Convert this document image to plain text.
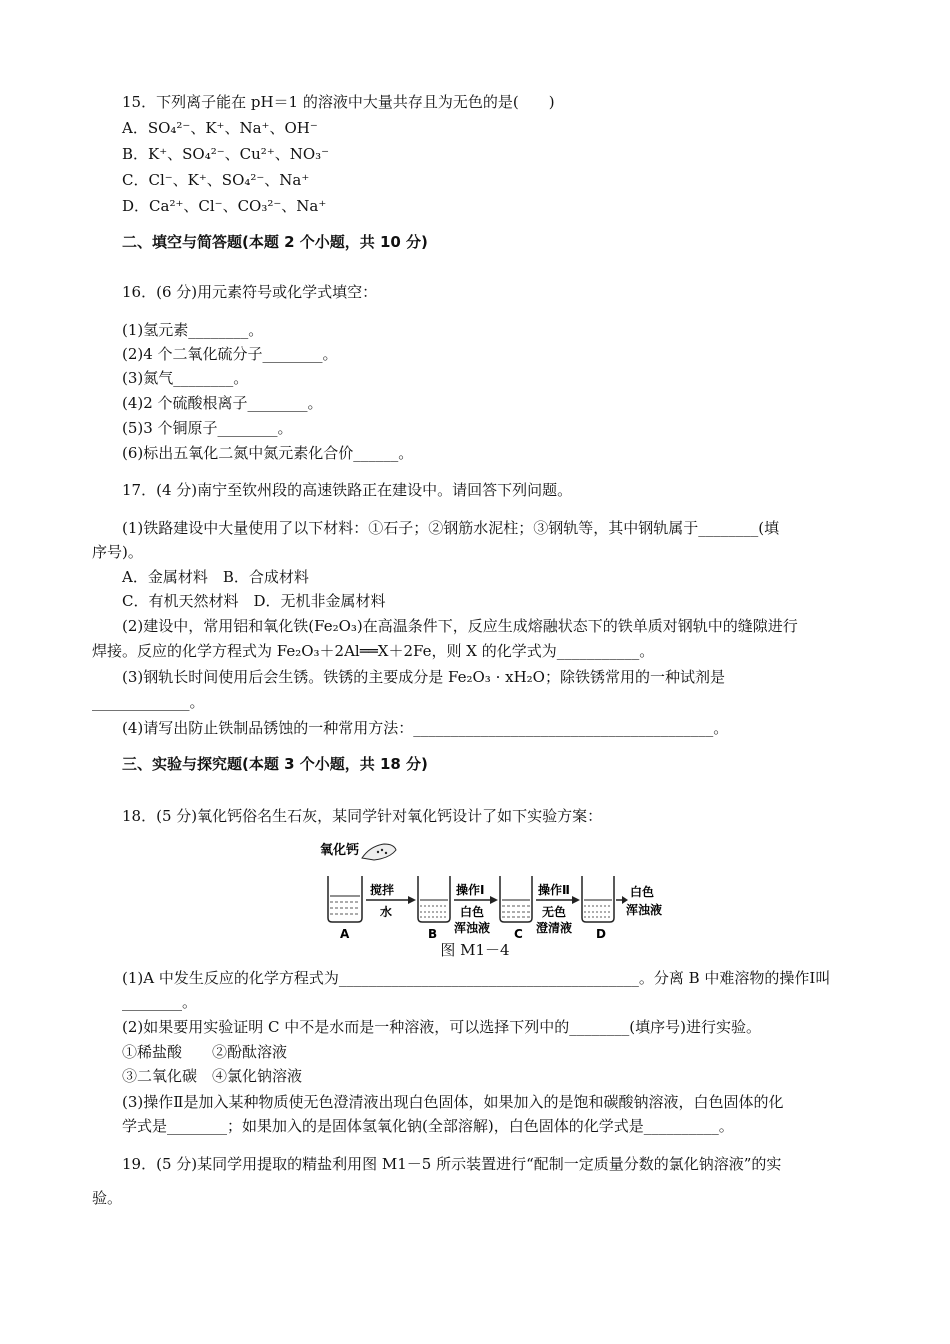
15．下列离子能在 pH＝1 的溶液中大量共存且为无色的是(　　)
A．SO₄²⁻、K⁺、Na⁺、OH⁻
B．K⁺、SO₄²⁻、Cu²⁺、NO₃⁻
C．Cl⁻、K⁺、SO₄²⁻、Na⁺
D．Ca²⁺、Cl⁻、CO₃²⁻、Na⁺
二、填空与简答题(本题 2 个小题，共 10 分)
16．(6 分)用元素符号或化学式填空：
(1)氢元素________。
(2)4 个二氧化硫分子________。
(3)氮气________。
(4)2 个硫酸根离子________。
(5)3 个铜原子________。
(6)标出五氧化二氮中氮元素化合价______。
17．(4 分)南宁至钦州段的高速铁路正在建设中。请回答下列问题。
(1)铁路建设中大量使用了以下材料：①石子；②钢筋水泥柱；③钢轨等，其中钢轨属于________(填
序号)。
A．金属材料　B．合成材料
C．有机天然材料　D．无机非金属材料
(2)建设中，常用铝和氧化铁(Fe₂O₃)在高温条件下，反应生成熔融状态下的铁单质对钢轨中的缝隙进行
焊接。反应的化学方程式为 Fe₂O₃＋2Al══X＋2Fe，则 X 的化学式为___________。
(3)钢轨长时间使用后会生锈。铁锈的主要成分是 Fe₂O₃ · xH₂O；除铁锈常用的一种试剂是
_____________。
(4)请写出防止铁制品锈蚀的一种常用方法：________________________________________。
三、实验与探究题(本题 3 个小题，共 18 分)
18．(5 分)氧化钙俗名生石灰，某同学针对氧化钙设计了如下实验方案：
氧化钙
搅拌
水
操作Ⅰ
白色
浑浊液
操作Ⅱ
无色
澄清液
白色
浑浊液
A	B	C	D
图 M1－4
(1)A 中发生反应的化学方程式为________________________________________。分离 B 中难溶物的操作Ⅰ叫
________。
(2)如果要用实验证明 C 中不是水而是一种溶液，可以选择下列中的________(填序号)进行实验。
①稀盐酸　　②酚酞溶液
③二氧化碳　④氯化钠溶液
(3)操作Ⅱ是加入某种物质使无色澄清液出现白色固体，如果加入的是饱和碳酸钠溶液，白色固体的化
学式是________；如果加入的是固体氢氧化钠(全部溶解)，白色固体的化学式是__________。
19．(5 分)某同学用提取的精盐利用图 M1－5 所示装置进行“配制一定质量分数的氯化钠溶液”的实
验。
